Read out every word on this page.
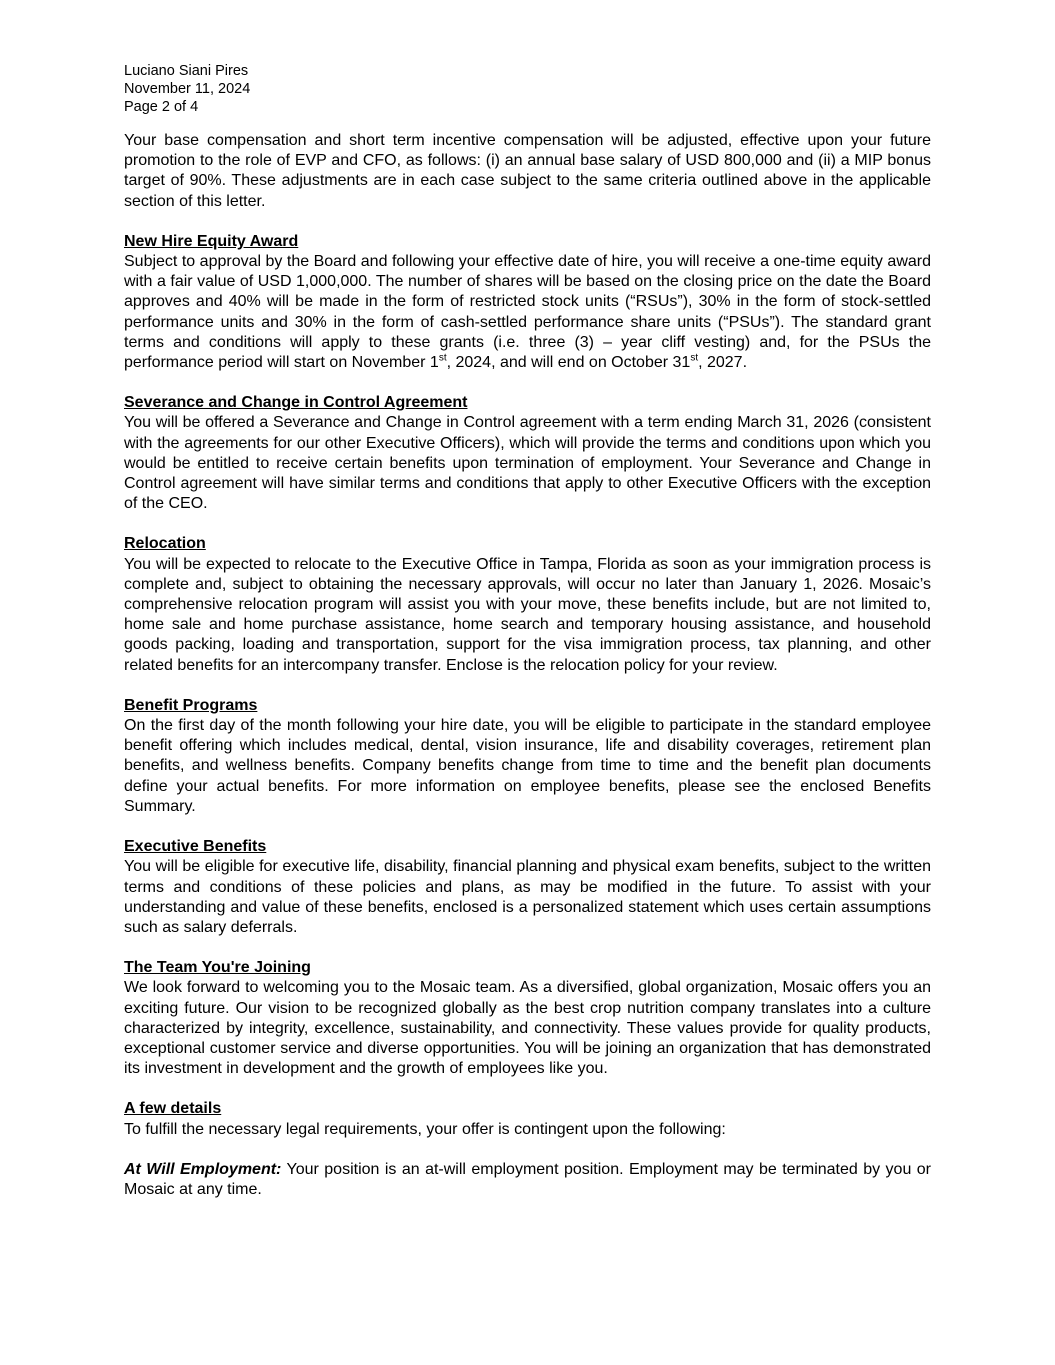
Luciano Siani Pires

November 11, 2024

Page 2 of 4

Your base compensation and short term incentive compensation will be adjusted, effective upon your future promotion to the role of EVP and CFO, as follows: (i) an annual base salary of USD 800,000 and (ii) a MIP bonus target of 90%. These adjustments are in each case subject to the same criteria outlined above in the applicable section of this letter.

New Hire Equity Award

Subject to approval by the Board and following your effective date of hire, you will receive a one-time equity award with a fair value of USD 1,000,000. The number of shares will be based on the closing price on the date the Board approves and 40% will be made in the form of restricted stock units (“RSUs”), 30% in the form of stock-settled performance units and 30% in the form of cash-settled performance share units (“PSUs”). The standard grant terms and conditions will apply to these grants (i.e. three (3) – year cliff vesting) and, for the PSUs the performance period will start on November 1st, 2024, and will end on October 31st, 2027.

Severance and Change in Control Agreement

You will be offered a Severance and Change in Control agreement with a term ending March 31, 2026 (consistent with the agreements for our other Executive Officers), which will provide the terms and conditions upon which you would be entitled to receive certain benefits upon termination of employment. Your Severance and Change in Control agreement will have similar terms and conditions that apply to other Executive Officers with the exception of the CEO.

Relocation

You will be expected to relocate to the Executive Office in Tampa, Florida as soon as your immigration process is complete and, subject to obtaining the necessary approvals, will occur no later than January 1, 2026. Mosaic’s comprehensive relocation program will assist you with your move, these benefits include, but are not limited to, home sale and home purchase assistance, home search and temporary housing assistance, and household goods packing, loading and transportation, support for the visa immigration process, tax planning, and other related benefits for an intercompany transfer. Enclose is the relocation policy for your review.

Benefit Programs

On the first day of the month following your hire date, you will be eligible to participate in the standard employee benefit offering which includes medical, dental, vision insurance, life and disability coverages, retirement plan benefits, and wellness benefits. Company benefits change from time to time and the benefit plan documents define your actual benefits. For more information on employee benefits, please see the enclosed Benefits Summary.

Executive Benefits

You will be eligible for executive life, disability, financial planning and physical exam benefits, subject to the written terms and conditions of these policies and plans, as may be modified in the future. To assist with your understanding and value of these benefits, enclosed is a personalized statement which uses certain assumptions such as salary deferrals.

The Team You're Joining

We look forward to welcoming you to the Mosaic team. As a diversified, global organization, Mosaic offers you an exciting future. Our vision to be recognized globally as the best crop nutrition company translates into a culture characterized by integrity, excellence, sustainability, and connectivity. These values provide for quality products, exceptional customer service and diverse opportunities. You will be joining an organization that has demonstrated its investment in development and the growth of employees like you.

A few details

To fulfill the necessary legal requirements, your offer is contingent upon the following:

At Will Employment: Your position is an at-will employment position. Employment may be terminated by you or Mosaic at any time.
